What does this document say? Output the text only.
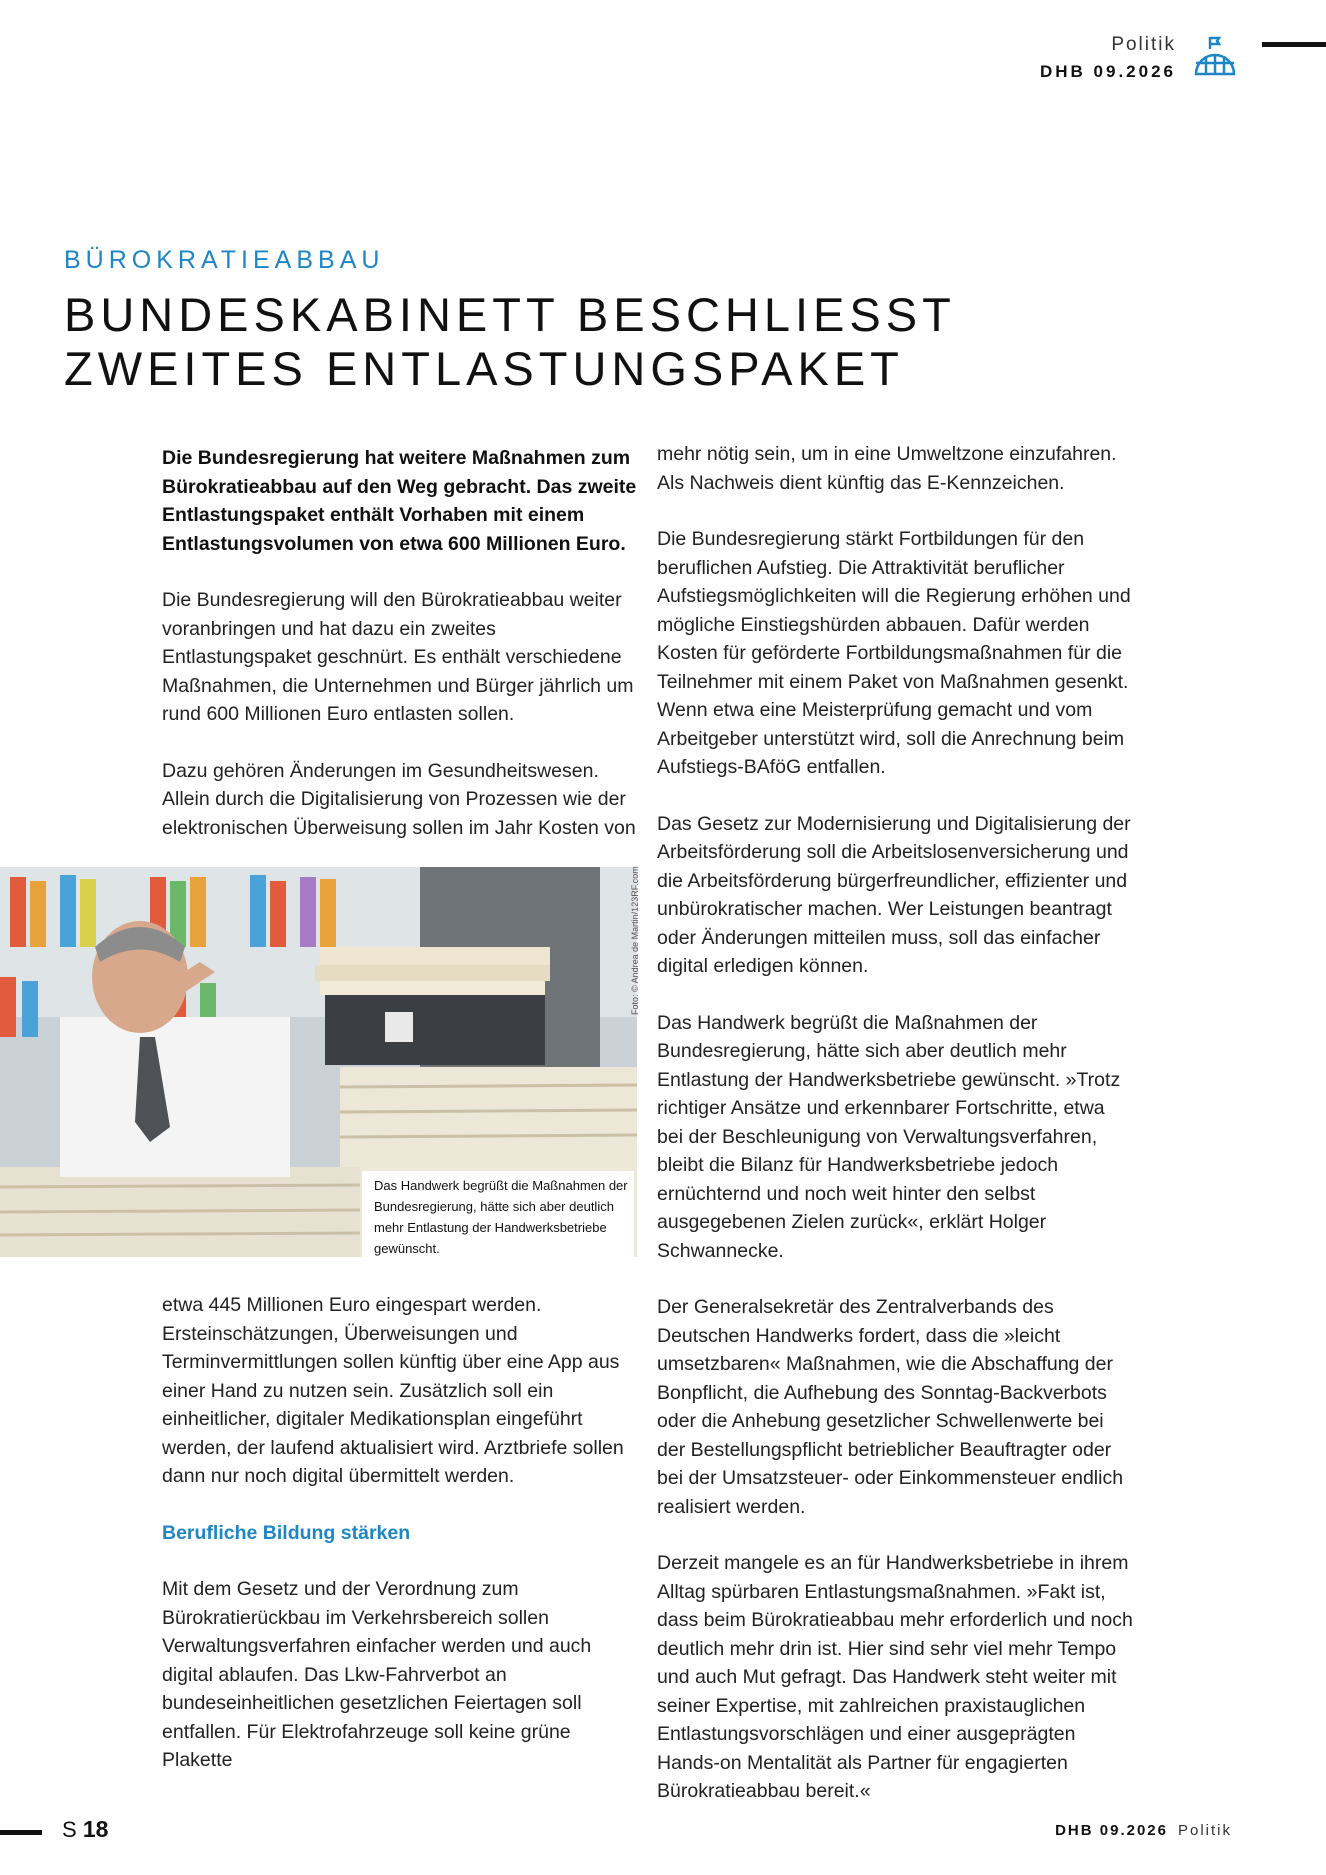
Politik
DHB 09.2026
BÜROKRATIEABBAU
BUNDESKABINETT BESCHLIESST
ZWEITES ENTLASTUNGSPAKET

Die Bundesregierung hat weitere Maßnahmen zum Bürokratieabbau auf den Weg gebracht. Das zweite Entlastungspaket enthält Vorhaben mit einem Entlastungsvolumen von etwa 600 Millionen Euro.

Die Bundesregierung will den Bürokratieabbau weiter voranbringen und hat dazu ein zweites Entlastungspaket geschnürt. Es enthält verschiedene Maßnahmen, die Unternehmen und Bürger jährlich um rund 600 Millionen Euro entlasten sollen.

Dazu gehören Änderungen im Gesundheitswesen. Allein durch die Digitalisierung von Prozessen wie der elektronischen Überweisung sollen im Jahr Kosten von

Das Handwerk begrüßt die Maßnahmen der Bundesregierung, hätte sich aber deutlich mehr Entlastung der Handwerksbetriebe gewünscht.
Foto: © Andrea de Martin/123RF.com

etwa 445 Millionen Euro eingespart werden. Ersteinschätzungen, Überweisungen und Terminvermittlungen sollen künftig über eine App aus einer Hand zu nutzen sein. Zusätzlich soll ein einheitlicher, digitaler Medikationsplan eingeführt werden, der laufend aktualisiert wird. Arztbriefe sollen dann nur noch digital übermittelt werden.

Berufliche Bildung stärken

Mit dem Gesetz und der Verordnung zum Bürokratierückbau im Verkehrsbereich sollen Verwaltungsverfahren einfacher werden und auch digital ablaufen. Das Lkw-Fahrverbot an bundeseinheitlichen gesetzlichen Feiertagen soll entfallen. Für Elektrofahrzeuge soll keine grüne Plakette

mehr nötig sein, um in eine Umweltzone einzufahren. Als Nachweis dient künftig das E-Kennzeichen.

Die Bundesregierung stärkt Fortbildungen für den beruflichen Aufstieg. Die Attraktivität beruflicher Aufstiegsmöglichkeiten will die Regierung erhöhen und mögliche Einstiegshürden abbauen. Dafür werden Kosten für geförderte Fortbildungsmaßnahmen für die Teilnehmer mit einem Paket von Maßnahmen gesenkt. Wenn etwa eine Meisterprüfung gemacht und vom Arbeitgeber unterstützt wird, soll die Anrechnung beim Aufstiegs-BAföG entfallen.

Das Gesetz zur Modernisierung und Digitalisierung der Arbeitsförderung soll die Arbeitslosenversicherung und die Arbeitsförderung bürgerfreundlicher, effizienter und unbürokratischer machen. Wer Leistungen beantragt oder Änderungen mitteilen muss, soll das einfacher digital erledigen können.

Das Handwerk begrüßt die Maßnahmen der Bundesregierung, hätte sich aber deutlich mehr Entlastung der Handwerksbetriebe gewünscht. »Trotz richtiger Ansätze und erkennbarer Fortschritte, etwa bei der Beschleunigung von Verwaltungsverfahren, bleibt die Bilanz für Handwerksbetriebe jedoch ernüchternd und noch weit hinter den selbst ausgegebenen Zielen zurück«, erklärt Holger Schwannecke.

Der Generalsekretär des Zentralverbands des Deutschen Handwerks fordert, dass die »leicht umsetzbaren« Maßnahmen, wie die Abschaffung der Bonpflicht, die Aufhebung des Sonntag-Backverbots oder die Anhebung gesetzlicher Schwellenwerte bei der Bestellungspflicht betrieblicher Beauftragter oder bei der Umsatzsteuer- oder Einkommensteuer endlich realisiert werden.

Derzeit mangele es an für Handwerksbetriebe in ihrem Alltag spürbaren Entlastungsmaßnahmen. »Fakt ist, dass beim Bürokratieabbau mehr erforderlich und noch deutlich mehr drin ist. Hier sind sehr viel mehr Tempo und auch Mut gefragt. Das Handwerk steht weiter mit seiner Expertise, mit zahlreichen praxistauglichen Entlastungsvorschlägen und einer ausgeprägten Hands-on Mentalität als Partner für engagierten Bürokratieabbau bereit.«

S 18	DHB 09.2026 Politik
